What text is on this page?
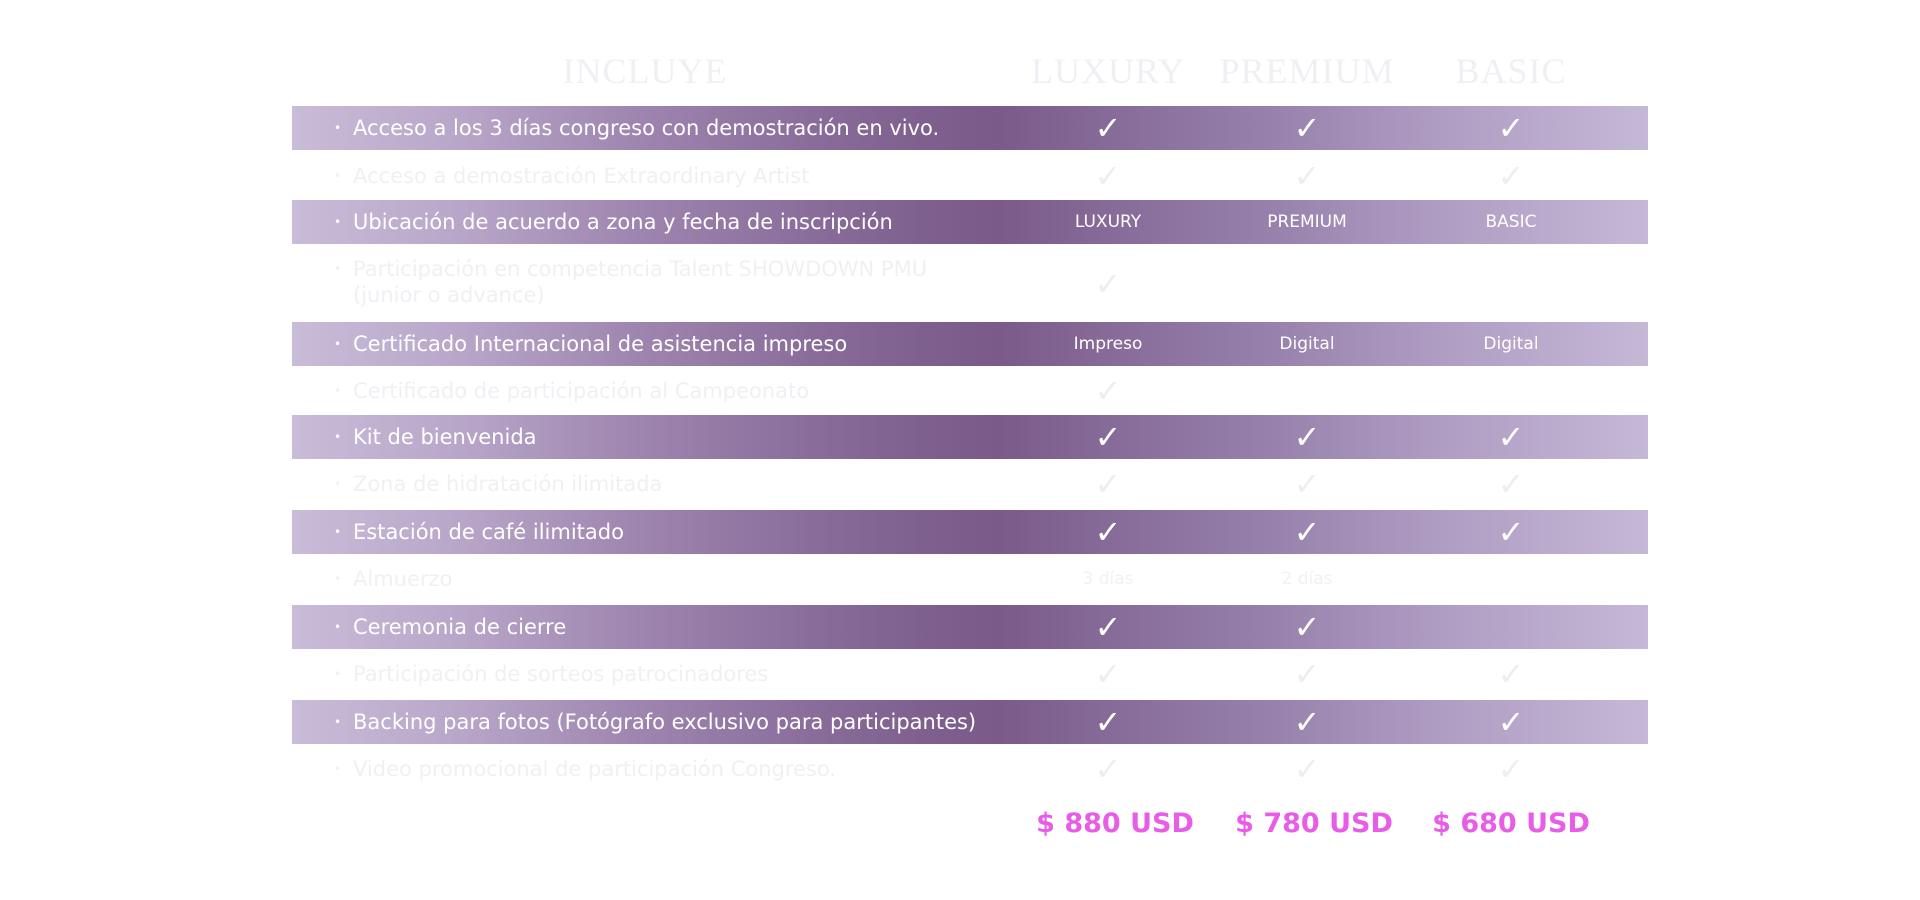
INCLUYE	LUXURY PREMIUM BASIC
• Acceso a los 3 días congreso con demostración en vivo.	✓	✓	✓
• Acceso a demostración Extraordinary Artist	✓	✓	✓
• Ubicación de acuerdo a zona y fecha de inscripción	LUXURY	PREMIUM	BASIC
• Participación en competencia Talent SHOWDOWN PMU (junior o advance)	✓
• Certificado Internacional de asistencia impreso	Impreso	Digital	Digital
• Certificado de participación al Campeonato	✓
• Kit de bienvenida	✓	✓	✓
• Zona de hidratación ilimitada	✓	✓	✓
• Estación de café ilimitado	✓	✓	✓
• Almuerzo	3 días	2 días
• Ceremonia de cierre	✓	✓
• Participación de sorteos patrocinadores	✓	✓	✓
• Backing para fotos (Fotógrafo exclusivo para participantes)	✓	✓	✓
• Video promocional de participación Congreso.	✓	✓	✓
$ 880 USD $ 780 USD $ 680 USD
